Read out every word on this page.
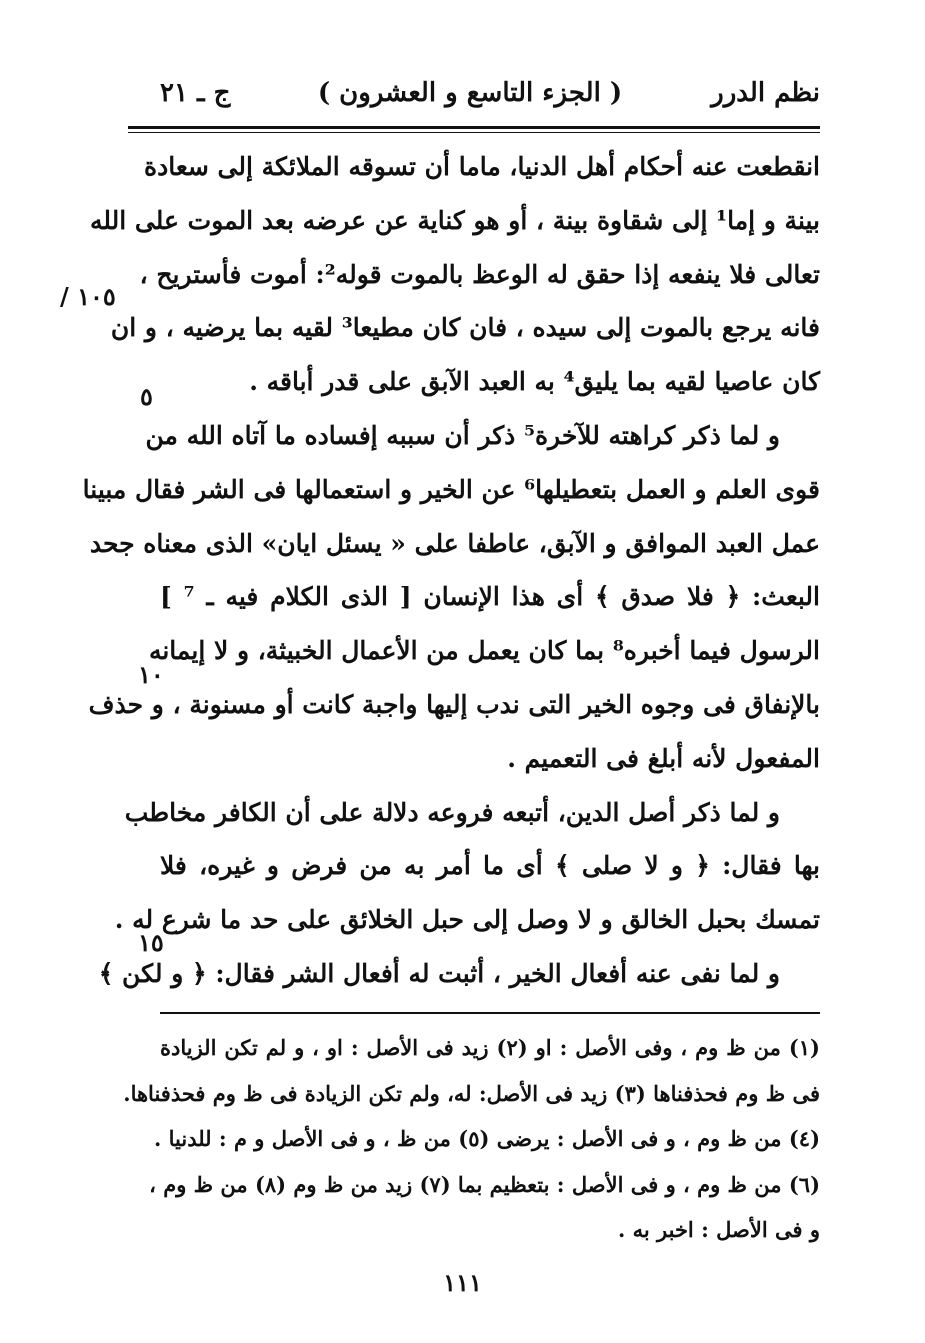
نظم الدرر
( الجزء التاسع و العشرون )
ج ـ ٢١
١٠٥ /
٥
١٠
١٥
انقطعت عنه أحكام أهل الدنيا، ماما أن تسوقه الملائكة إلى سعادة
بينة و إما¹ إلى شقاوة بينة ، أو هو كناية عن عرضه بعد الموت على الله
تعالى فلا ينفعه إذا حقق له الوعظ بالموت قوله²: أموت فأستريح ،
فانه يرجع بالموت إلى سيده ، فان كان مطيعا³ لقيه بما يرضيه ، و ان
كان عاصيا لقيه بما يليق⁴ به العبد الآبق على قدر أباقه .
و لما ذكر كراهته للآخرة⁵ ذكر أن سببه إفساده ما آتاه الله من
قوى العلم و العمل بتعطيلها⁶ عن الخير و استعمالها فى الشر فقال مبينا
عمل العبد الموافق و الآبق، عاطفا على « يسئل ايان» الذى معناه جحد
البعث: ﴿ فلا صدق ﴾ أى هذا الإنسان [ الذى الكلام فيه ـ ⁷ ]
الرسول فيما أخبره⁸ بما كان يعمل من الأعمال الخبيثة، و لا إيمانه
بالإنفاق فى وجوه الخير التى ندب إليها واجبة كانت أو مسنونة ، و حذف
المفعول لأنه أبلغ فى التعميم .
و لما ذكر أصل الدين، أتبعه فروعه دلالة على أن الكافر مخاطب
بها فقال: ﴿ و لا صلى ﴾ أى ما أمر به من فرض و غيره، فلا
تمسك بحبل الخالق و لا وصل إلى حبل الخلائق على حد ما شرع له .
و لما نفى عنه أفعال الخير ، أثبت له أفعال الشر فقال: ﴿ و لكن ﴾
(١) من ظ وم ، وفى الأصل : او (٢) زيد فى الأصل : او ، و لم تكن الزيادة
فى ظ وم فحذفناها (٣) زيد فى الأصل: له، ولم تكن الزيادة فى ظ وم فحذفناها.
(٤) من ظ وم ، و فى الأصل : يرضى (٥) من ظ ، و فى الأصل و م : للدنيا .
(٦) من ظ وم ، و فى الأصل : بتعظيم بما (٧) زيد من ظ وم (٨) من ظ وم ،
و فى الأصل : اخبر به .
١١١
